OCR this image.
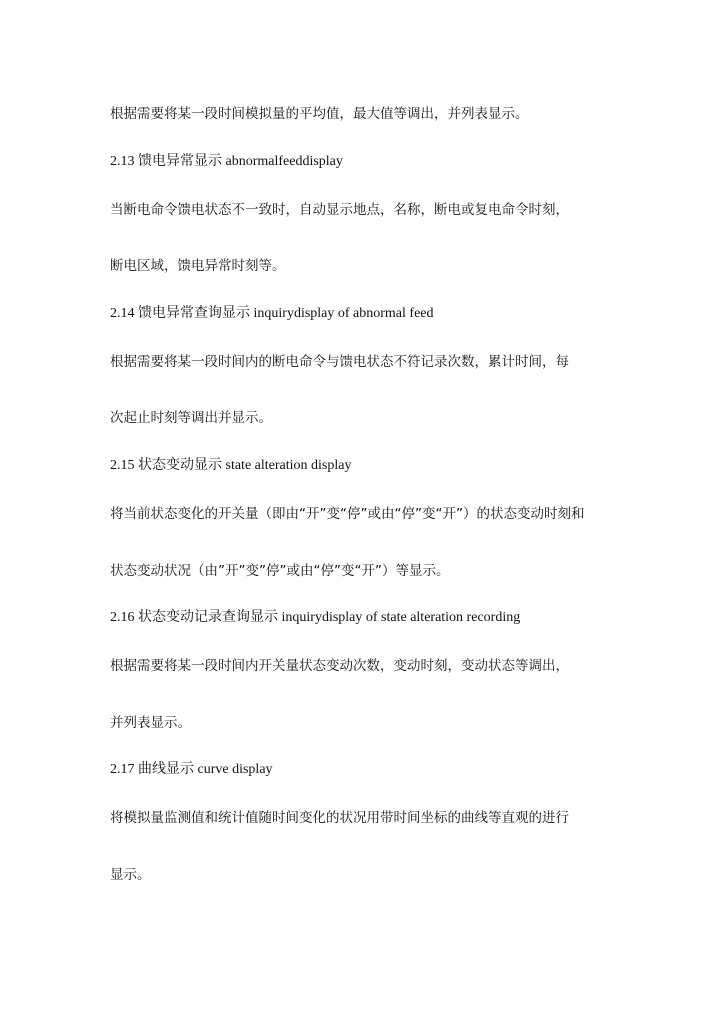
根据需要将某一段时间模拟量的平均值，最大值等调出，并列表显示。
2.13 馈电异常显示 abnormalfeeddisplay
当断电命令馈电状态不一致时，自动显示地点，名称，断电或复电命令时刻，
断电区域，馈电异常时刻等。
2.14 馈电异常查询显示 inquirydisplay of abnormal feed
根据需要将某一段时间内的断电命令与馈电状态不符记录次数，累计时间，每
次起止时刻等调出并显示。
2.15 状态变动显示 state alteration display
将当前状态变化的开关量（即由“开”变“停”或由“停”变“开”）的状态变动时刻和
状态变动状况（由”开”变”停”或由“停”变“开”）等显示。
2.16 状态变动记录查询显示 inquirydisplay of state alteration recording
根据需要将某一段时间内开关量状态变动次数，变动时刻，变动状态等调出，
并列表显示。
2.17 曲线显示 curve display
将模拟量监测值和统计值随时间变化的状况用带时间坐标的曲线等直观的进行
显示。
